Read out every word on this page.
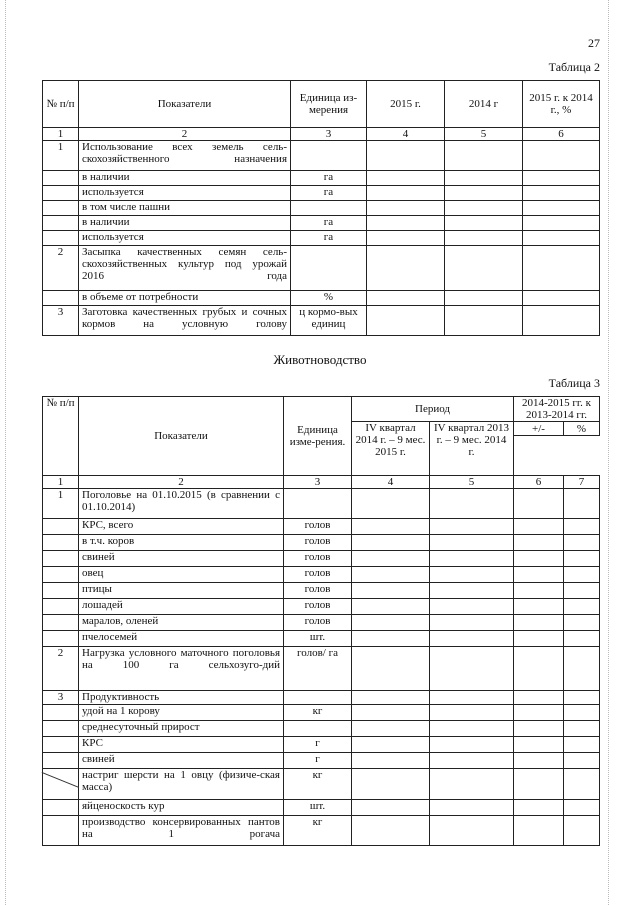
27
Таблица 2
№ п/п	Показатели	Единица из-мерения	2015 г.	2014 г	2015 г. к 2014 г., %
1	2	3	4	5	6
1	Использование всех земель сель-скохозяйственного назначения				
	в наличии	га			
	используется	га			
	в том числе пашни				
	в наличии	га			
	используется	га			
2	Засыпка качественных семян сель-скохозяйственных культур под урожай 2016 года				
	в объеме от потребности	%			
3	Заготовка качественных грубых и сочных кормов на условную голову	ц кормо-вых единиц			
Животноводство
Таблица 3
№ п/п	Показатели	Единица изме-рения.	Период		2014-2015 гг. к 2013-2014 гг.	
			IV квартал 2014 г. – 9 мес. 2015 г.	IV квартал 2013 г. – 9 мес. 2014 г.	+/-	%

1	2	3	4	5	6	7
1	Поголовье на 01.10.2015 (в сравнении с 01.10.2014)					
	КРС, всего	голов				
	в т.ч. коров	голов				
	свиней	голов				
	овец	голов				
	птицы	голов				
	лошадей	голов				
	маралов, оленей	голов				
	пчелосемей	шт.				
2	Нагрузка условного маточного поголовья на 100 га сельхозуго-дий	голов/ га				
3	Продуктивность					
	удой на 1 корову	кг				
	среднесуточный прирост					
	КРС	г				
	свиней	г				
	настриг шерсти на 1 овцу (физиче-ская масса)	кг				
	яйценоскость кур	шт.				
	производство консервированных пантов на 1 рогача	кг				
